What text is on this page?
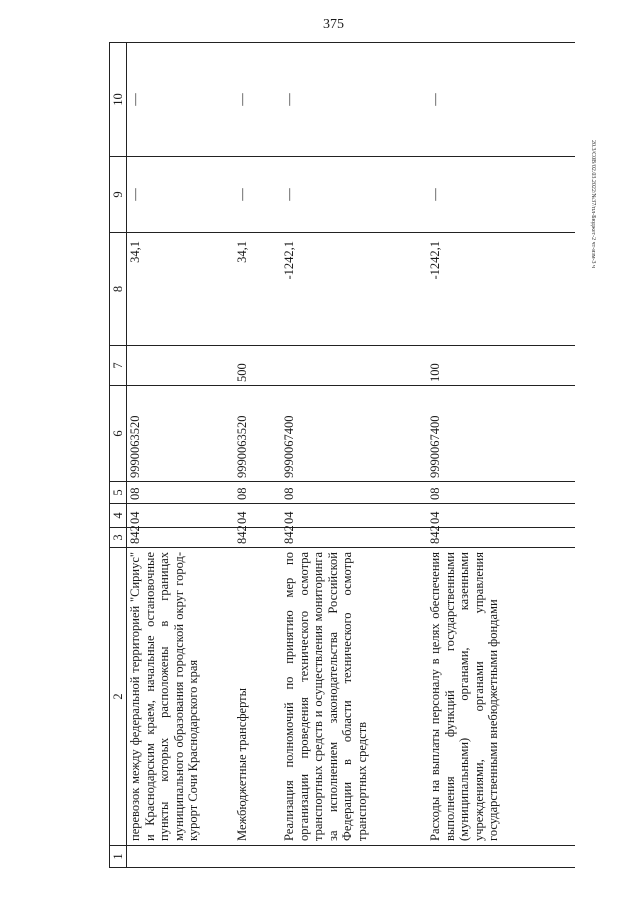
375
20.3/С0В/02.03.2022/№37/пл-Бюджет-2 чт-изм-3 ч
1	2	3	4	5	6	7	8	9	10
	перевозок между федеральной территорией "Сириус" и Краснодарским краем, начальные остановочные пункты которых расположены в границах муниципального образования городской округ город-курорт Сочи Краснодарского края	842	04	08	9990063520		34,1	—	—
	Межбюджетные трансферты	842	04	08	9990063520	500	34,1	—	—
	Реализация полномочий по принятию мер по организации проведения технического осмотра транспортных средств и осуществления мониторинга за исполнением законодательства Российской Федерации в области технического осмотра транспортных средств	842	04	08	9990067400		-1242,1	—	—
	Расходы на выплаты персоналу в целях обеспечения выполнения функций государственными (муниципальными) органами, казенными учреждениями, органами управления государственными внебюджетными фондами	842	04	08	9990067400	100	-1242,1	—	—
